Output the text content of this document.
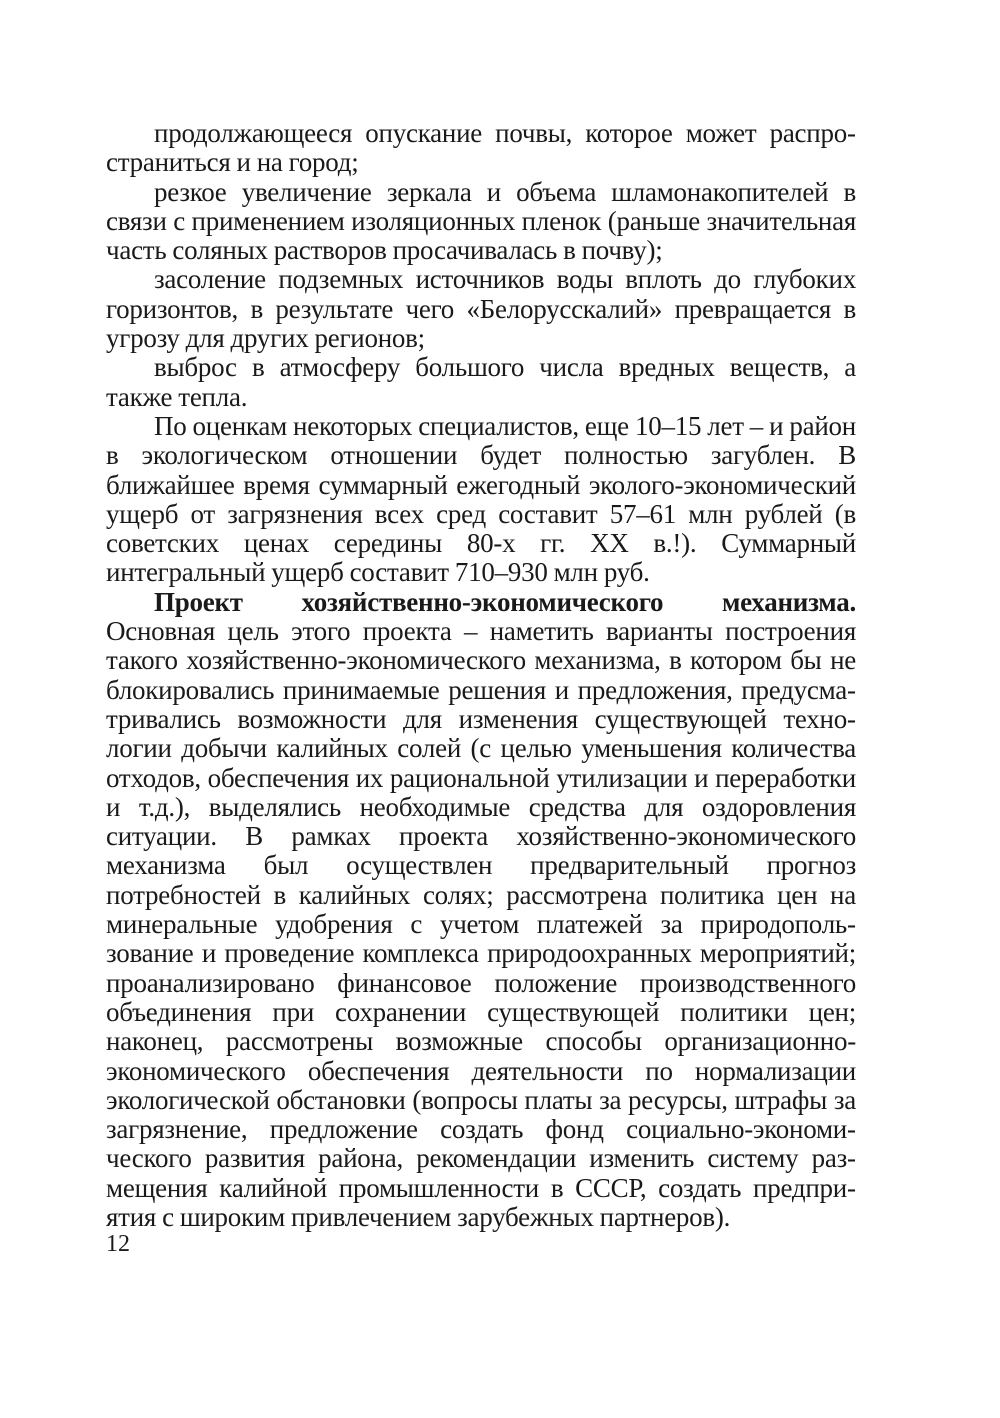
продолжающееся опускание почвы, которое может распространиться и на город;

резкое увеличение зеркала и объема шламонакопителей в связи с применением изоляционных пленок (раньше значительная часть соляных растворов просачивалась в почву);

засоление подземных источников воды вплоть до глубоких горизонтов, в результате чего «Белорусскалий» превращается в угрозу для других регионов;

выброс в атмосферу большого числа вредных веществ, а также тепла.

По оценкам некоторых специалистов, еще 10–15 лет – и район в экологическом отношении будет полностью загублен. В ближайшее время суммарный ежегодный эколого-экономический ущерб от загрязнения всех сред составит 57–61 млн рублей (в советских ценах середины 80-х гг. XX в.!). Суммарный интегральный ущерб составит 710–930 млн руб.

Проект хозяйственно-экономического механизма. Основная цель этого проекта – наметить варианты построения такого хозяйственно-экономического механизма, в котором бы не блокировались принимаемые решения и предложения, предусматривались возможности для изменения существующей технологии добычи калийных солей (с целью уменьшения количества отходов, обеспечения их рациональной утилизации и переработки и т.д.), выделялись необходимые средства для оздоровления ситуации. В рамках проекта хозяйственно-экономического механизма был осуществлен предварительный прогноз потребностей в калийных солях; рассмотрена политика цен на минеральные удобрения с учетом платежей за природопользование и проведение комплекса природоохранных мероприятий; проанализировано финансовое положение производственного объединения при сохранении существующей политики цен; наконец, рассмотрены возможные способы организационно-экономического обеспечения деятельности по нормализации экологической обстановки (вопросы платы за ресурсы, штрафы за загрязнение, предложение создать фонд социально-экономического развития района, рекомендации изменить систему размещения калийной промышленности в СССР, создать предприятия с широким привлечением зарубежных партнеров).

12
